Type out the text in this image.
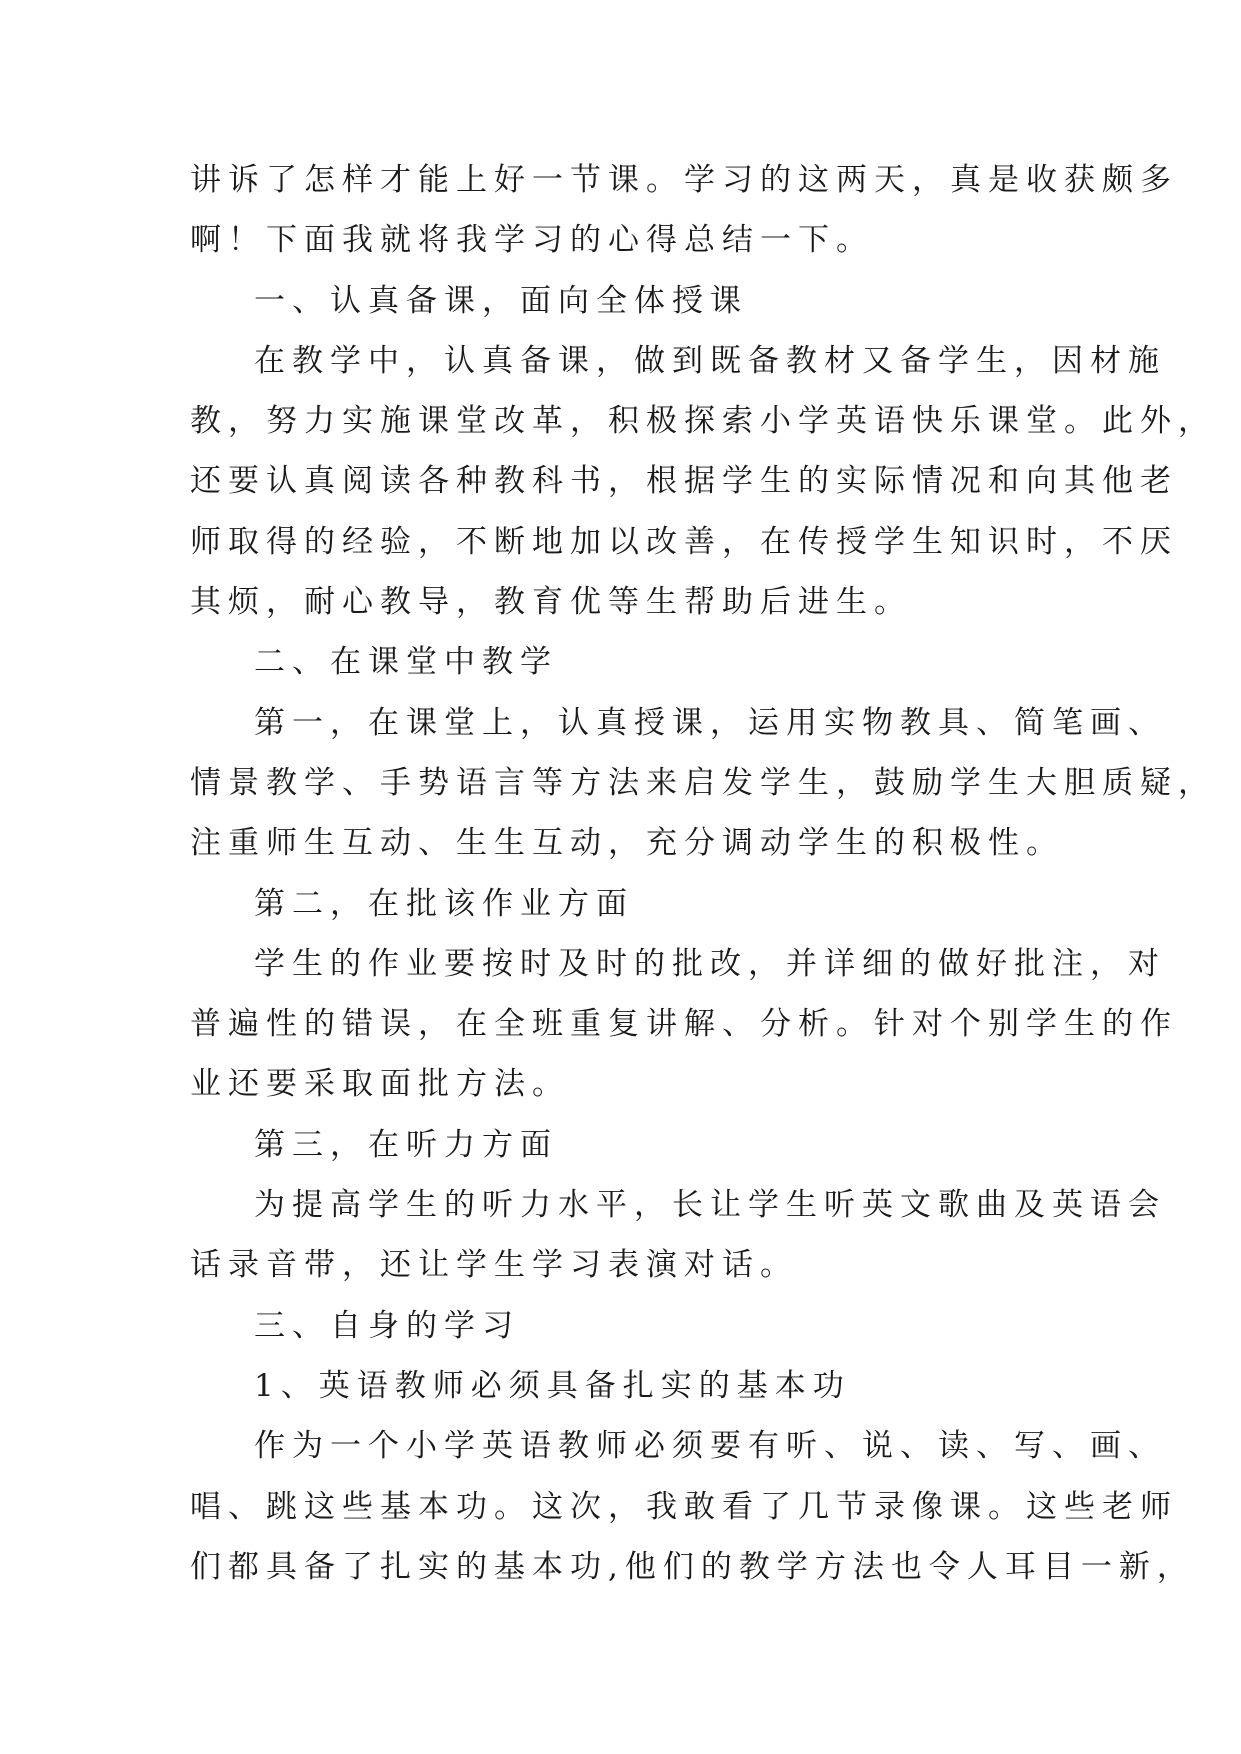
讲诉了怎样才能上好一节课。学习的这两天，真是收获颇多
啊！下面我就将我学习的心得总结一下。
一、认真备课，面向全体授课
在教学中，认真备课，做到既备教材又备学生，因材施
教，努力实施课堂改革，积极探索小学英语快乐课堂。此外，
还要认真阅读各种教科书，根据学生的实际情况和向其他老
师取得的经验，不断地加以改善，在传授学生知识时，不厌
其烦，耐心教导，教育优等生帮助后进生。
二、在课堂中教学
第一，在课堂上，认真授课，运用实物教具、简笔画、
情景教学、手势语言等方法来启发学生，鼓励学生大胆质疑，
注重师生互动、生生互动，充分调动学生的积极性。
第二，在批该作业方面
学生的作业要按时及时的批改，并详细的做好批注，对
普遍性的错误，在全班重复讲解、分析。针对个别学生的作
业还要采取面批方法。
第三，在听力方面
为提高学生的听力水平，长让学生听英文歌曲及英语会
话录音带，还让学生学习表演对话。
三、自身的学习
1、英语教师必须具备扎实的基本功
作为一个小学英语教师必须要有听、说、读、写、画、
唱、跳这些基本功。这次，我敢看了几节录像课。这些老师
们都具备了扎实的基本功,他们的教学方法也令人耳目一新，
